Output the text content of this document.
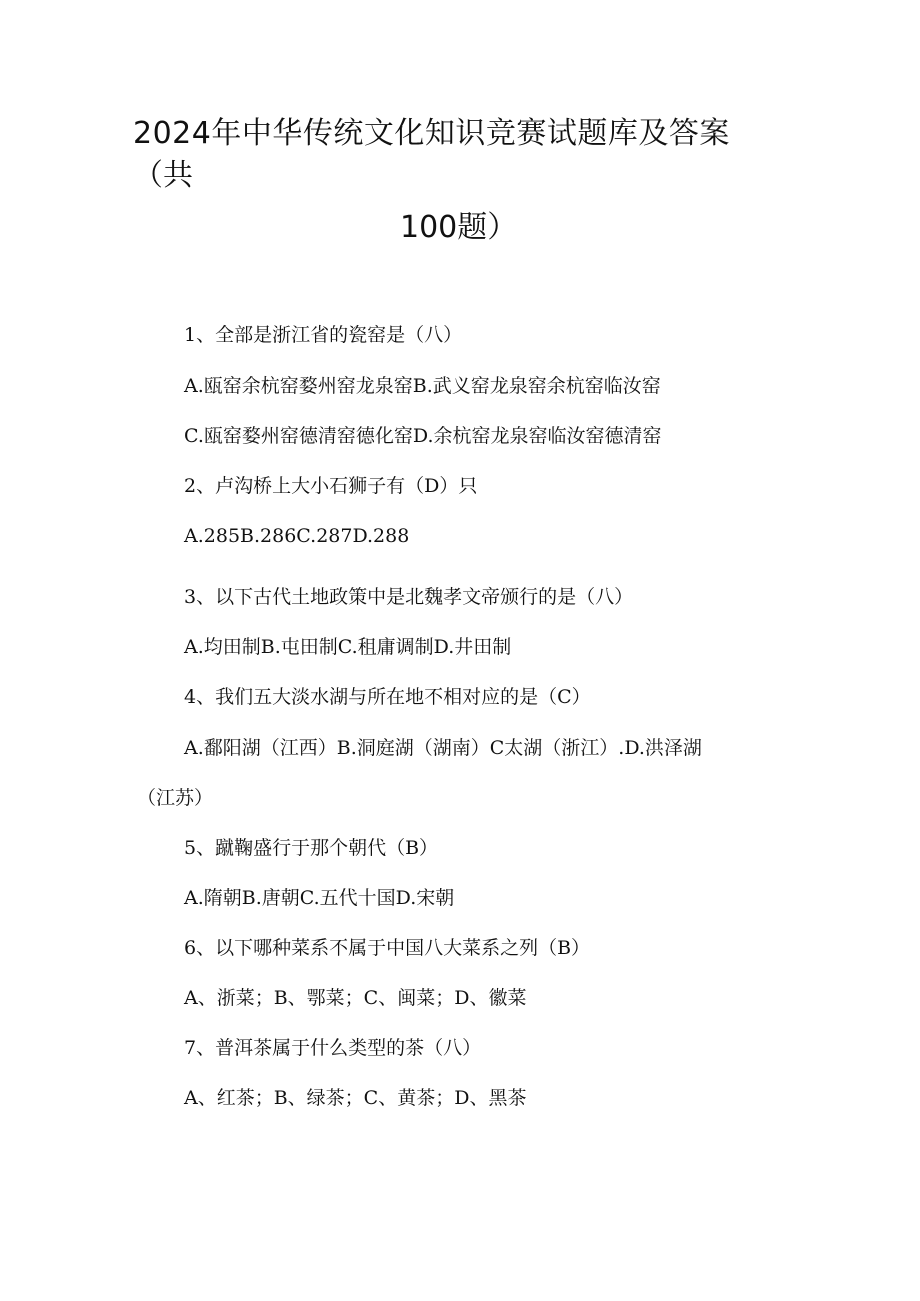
2024年中华传统文化知识竞赛试题库及答案
（共
100题）

1、全部是浙江省的瓷窑是（八）

A.瓯窑余杭窑婺州窑龙泉窑B.武义窑龙泉窑余杭窑临汝窑

C.瓯窑婺州窑德清窑德化窑D.余杭窑龙泉窑临汝窑德清窑

2、卢沟桥上大小石狮子有（D）只

A.285B.286C.287D.288

3、以下古代土地政策中是北魏孝文帝颁行的是（八）

A.均田制B.屯田制C.租庸调制D.井田制

4、我们五大淡水湖与所在地不相对应的是（C）

A.鄱阳湖（江西）B.洞庭湖（湖南）C太湖（浙江）.D.洪泽湖

（江苏）

5、蹴鞠盛行于那个朝代（B）

A.隋朝B.唐朝C.五代十国D.宋朝

6、以下哪种菜系不属于中国八大菜系之列（B）

A、浙菜；B、鄂菜；C、闽菜；D、徽菜

7、普洱茶属于什么类型的茶（八）

A、红茶；B、绿茶；C、黄茶；D、黑茶
